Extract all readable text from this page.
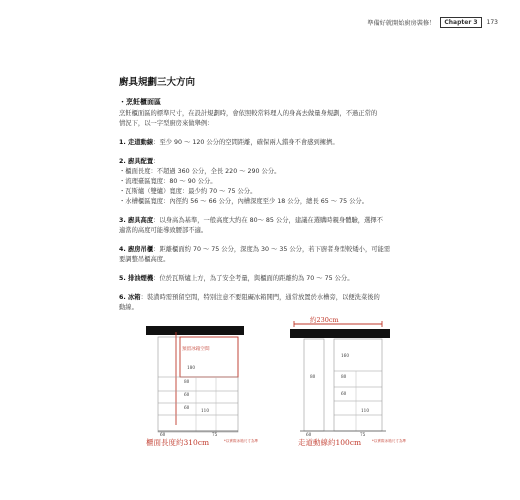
準備好就開始廚房裝修！	Chapter 3	173
廚具規劃三大方向
・烹飪櫃面區
烹飪櫃面區的標準尺寸，在設計規劃時，會依照較常料理人的身高去做量身規劃，不過正常的
情況下，以一字型廚房來做舉例：
1. 走道動線：至少 90 ～ 120 公分的空間距離，確保兩人錯身不會感到擁擠。
2. 廚具配置：
・櫃面長度：不超過 360 公分，全長 220 ～ 290 公分。
・流理臺區寬度：80 ～ 90 公分。
・瓦斯爐（雙爐）寬度：最少約 70 ～ 75 公分。
・水槽櫃區寬度：內徑約 56 ～ 66 公分，內槽深度至少 18 公分，總長 65 ～ 75 公分。
3. 廚具高度：以身高為基準，一般高度大約在 80～ 85 公分，建議在選購時親身體驗，選擇不
適當的高度可能導致腰部不適。
4. 廚房吊櫃：距離櫃面約 70 ～ 75 公分，深度為 30 ～ 35 公分，若下廚者身型較矮小，可能需
要調整吊櫃高度。
5. 排油煙機：位於瓦斯爐上方，為了安全考量，與櫃面的距離約為 70 ～ 75 公分。
6. 冰箱：裝潢時需預留空間，特別注意不要阻礙冰箱開門，通常放置於水槽旁，以便洗菜後的
動線。
預留冰箱空間
180
80
60
60
110
60	75
櫃面長度約310cm	*以實際冰箱尺寸為準
約230cm
160
80
80
60
110
60	75
走道動線約100cm	*以實際冰箱尺寸為準
